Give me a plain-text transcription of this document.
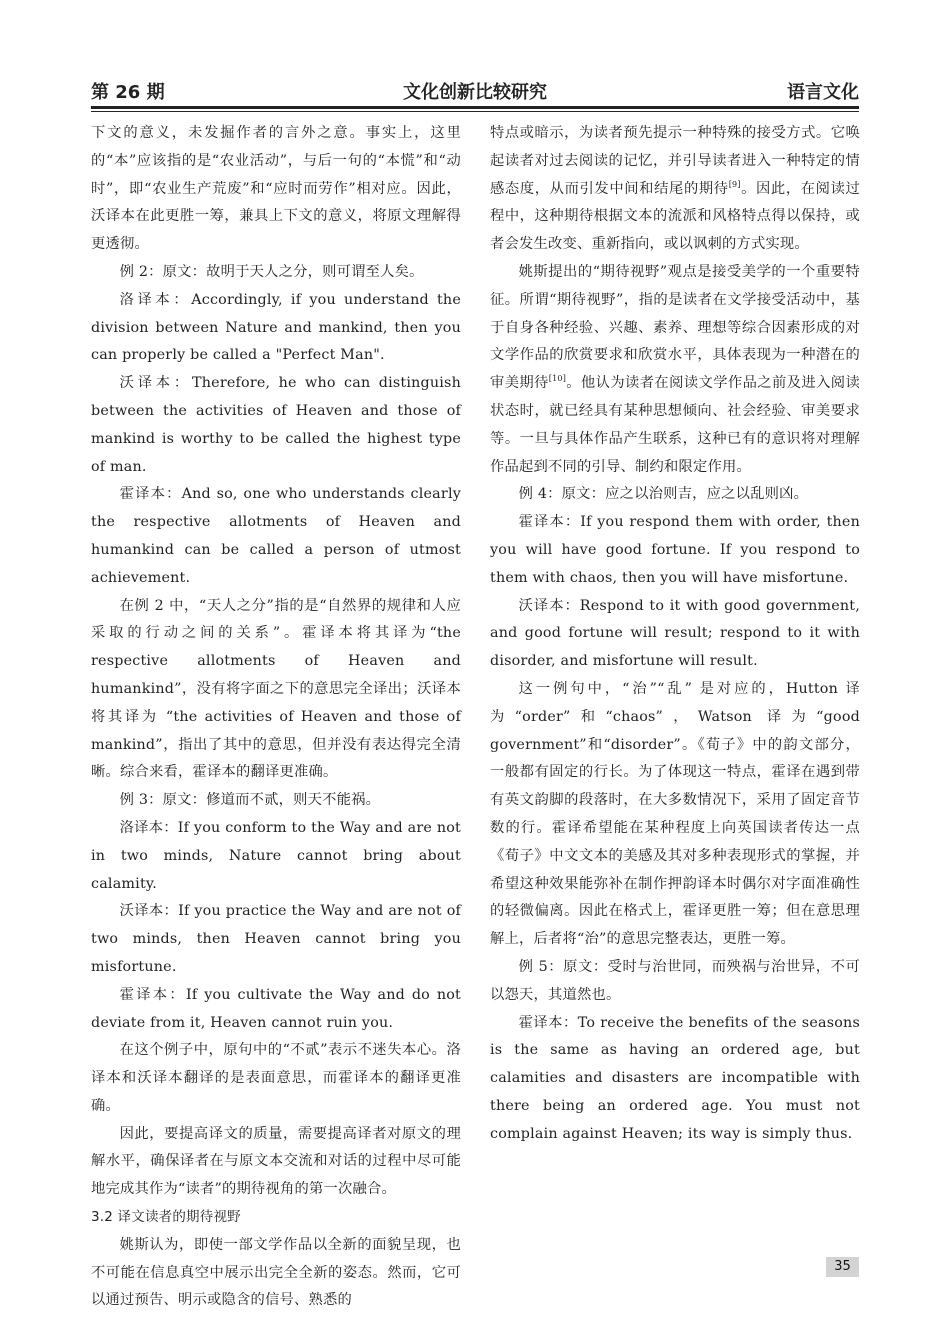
第 26 期	文化创新比较研究	语言文化

下文的意义，未发掘作者的言外之意。事实上，这里的“本”应该指的是“农业活动”，与后一句的“本慌”和“动时”，即“农业生产荒废”和“应时而劳作”相对应。因此，沃译本在此更胜一筹，兼具上下文的意义，将原文理解得更透彻。

例 2：原文：故明于天人之分，则可谓至人矣。

洛译本：Accordingly, if you understand the division between Nature and mankind, then you can properly be called a "Perfect Man".

沃译本：Therefore, he who can distinguish between the activities of Heaven and those of mankind is worthy to be called the highest type of man.

霍译本：And so, one who understands clearly the respective allotments of Heaven and humankind can be called a person of utmost achievement.

在例 2 中，“天人之分”指的是“自然界的规律和人应采取的行动之间的关系”。霍译本将其译为“the respective allotments of Heaven and humankind”，没有将字面之下的意思完全译出；沃译本将其译为 “the activities of Heaven and those of mankind”，指出了其中的意思，但并没有表达得完全清晰。综合来看，霍译本的翻译更准确。

例 3：原文：修道而不贰，则天不能祸。

洛译本：If you conform to the Way and are not in two minds, Nature cannot bring about calamity.

沃译本：If you practice the Way and are not of two minds, then Heaven cannot bring you misfortune.

霍译本：If you cultivate the Way and do not deviate from it, Heaven cannot ruin you.

在这个例子中，原句中的“不贰”表示不迷失本心。洛译本和沃译本翻译的是表面意思，而霍译本的翻译更准确。

因此，要提高译文的质量，需要提高译者对原文的理解水平，确保译者在与原文本交流和对话的过程中尽可能地完成其作为“读者”的期待视角的第一次融合。

3.2 译文读者的期待视野

姚斯认为，即使一部文学作品以全新的面貌呈现，也不可能在信息真空中展示出完全全新的姿态。然而，它可以通过预告、明示或隐含的信号、熟悉的

特点或暗示，为读者预先提示一种特殊的接受方式。它唤起读者对过去阅读的记忆，并引导读者进入一种特定的情感态度，从而引发中间和结尾的期待[9]。因此，在阅读过程中，这种期待根据文本的流派和风格特点得以保持，或者会发生改变、重新指向，或以讽刺的方式实现。

姚斯提出的“期待视野”观点是接受美学的一个重要特征。所谓“期待视野”，指的是读者在文学接受活动中，基于自身各种经验、兴趣、素养、理想等综合因素形成的对文学作品的欣赏要求和欣赏水平，具体表现为一种潜在的审美期待[10]。他认为读者在阅读文学作品之前及进入阅读状态时，就已经具有某种思想倾向、社会经验、审美要求等。一旦与具体作品产生联系，这种已有的意识将对理解作品起到不同的引导、制约和限定作用。

例 4：原文：应之以治则吉，应之以乱则凶。

霍译本：If you respond them with order, then you will have good fortune. If you respond to them with chaos, then you will have misfortune.

沃译本：Respond to it with good government, and good fortune will result; respond to it with disorder, and misfortune will result.

这一例句中，“治”“乱” 是对应的，Hutton 译为“order”和“chaos”，Watson 译为“good government”和“disorder”。《荀子》中的韵文部分，一般都有固定的行长。为了体现这一特点，霍译在遇到带有英文韵脚的段落时，在大多数情况下，采用了固定音节数的行。霍译希望能在某种程度上向英国读者传达一点《荀子》中文文本的美感及其对多种表现形式的掌握，并希望这种效果能弥补在制作押韵译本时偶尔对字面准确性的轻微偏离。因此在格式上，霍译更胜一筹；但在意思理解上，后者将“治”的意思完整表达，更胜一筹。

例 5：原文：受时与治世同，而殃祸与治世异，不可以怨天，其道然也。

霍译本：To receive the benefits of the seasons is the same as having an ordered age, but calamities and disasters are incompatible with there being an ordered age. You must not complain against Heaven; its way is simply thus.

35
